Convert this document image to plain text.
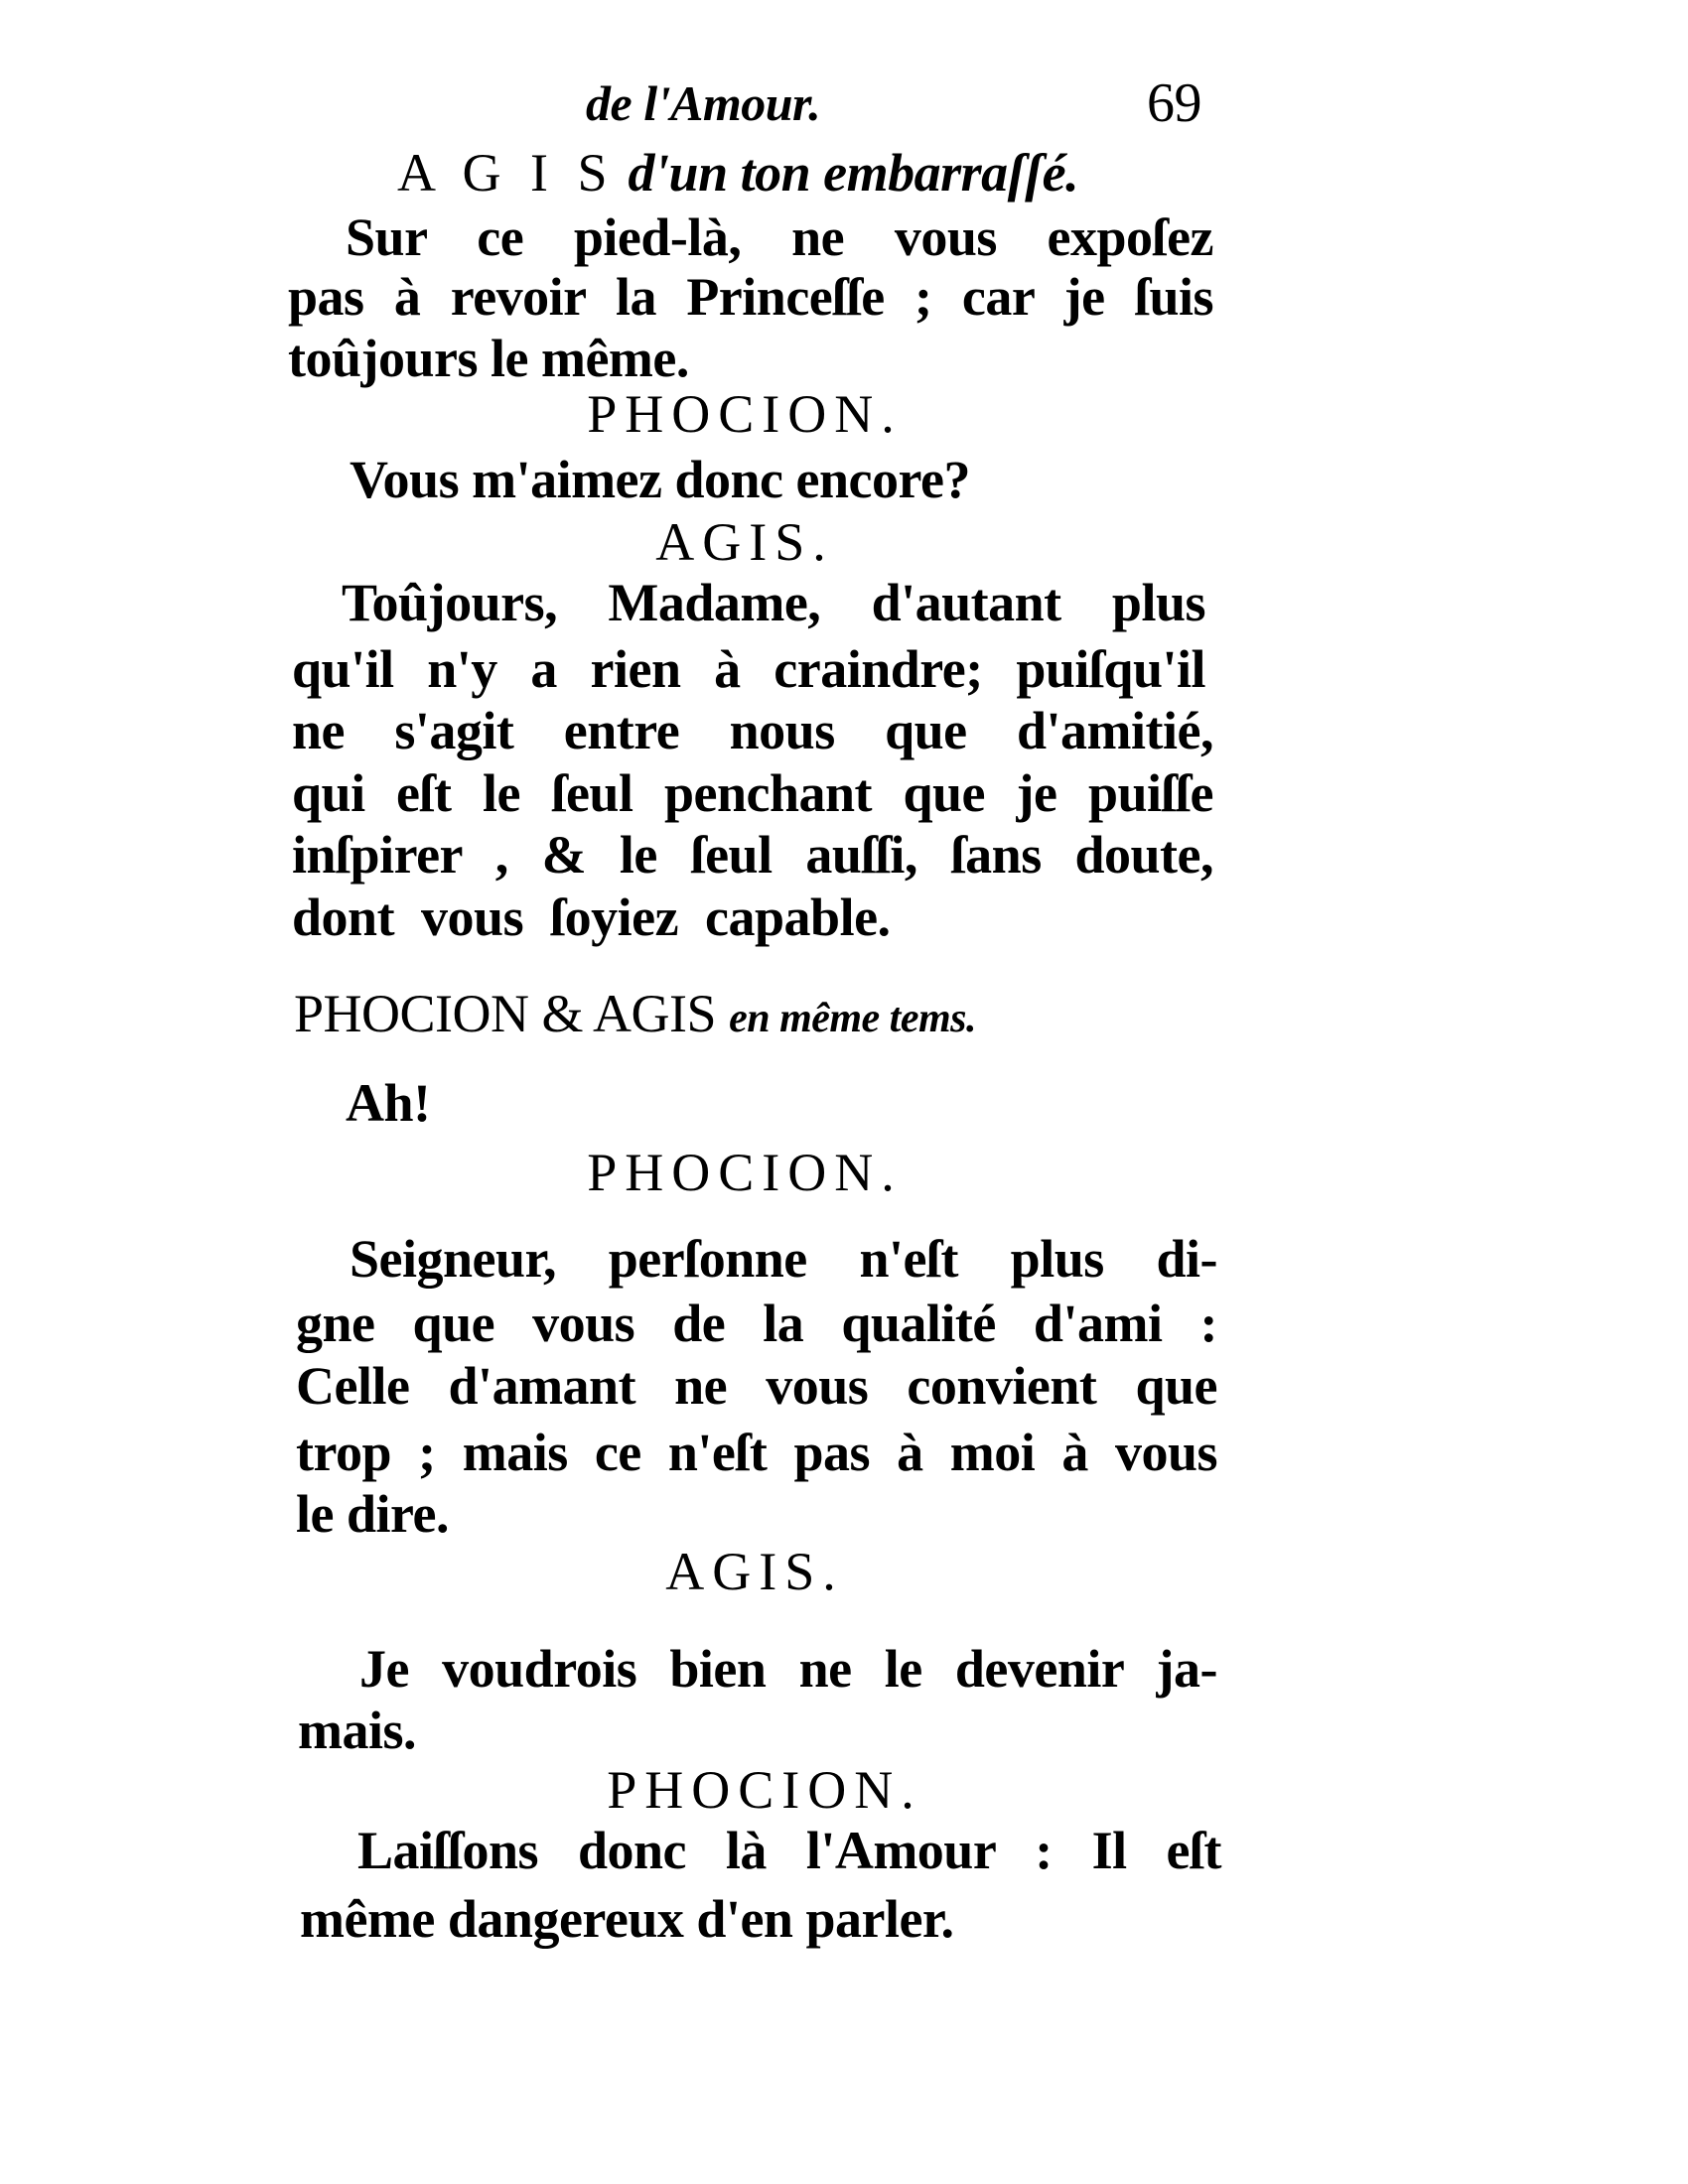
de l'Amour.	69
A G I S d'un ton embarraſſé.
Sur ce pied-là, ne vous expoſez
pas à revoir la Princeſſe ; car je ſuis
toûjours le même.
PHOCION.
Vous m'aimez donc encore?
AGIS.
Toûjours, Madame, d'autant plus
qu'il n'y a rien à craindre; puiſqu'il
ne s'agit entre nous que d'amitié,
qui eſt le ſeul penchant que je puiſſe
inſpirer , & le ſeul auſſi, ſans doute,
dont vous ſoyiez capable.
PHOCION & AGIS en même tems.
Ah!
PHOCION.
Seigneur, perſonne n'eſt plus di-
gne que vous de la qualité d'ami :
Celle d'amant ne vous convient que
trop ; mais ce n'eſt pas à moi à vous
le dire.
AGIS.
Je voudrois bien ne le devenir ja-
mais.
PHOCION.
Laiſſons donc là l'Amour : Il eſt
même dangereux d'en parler.
